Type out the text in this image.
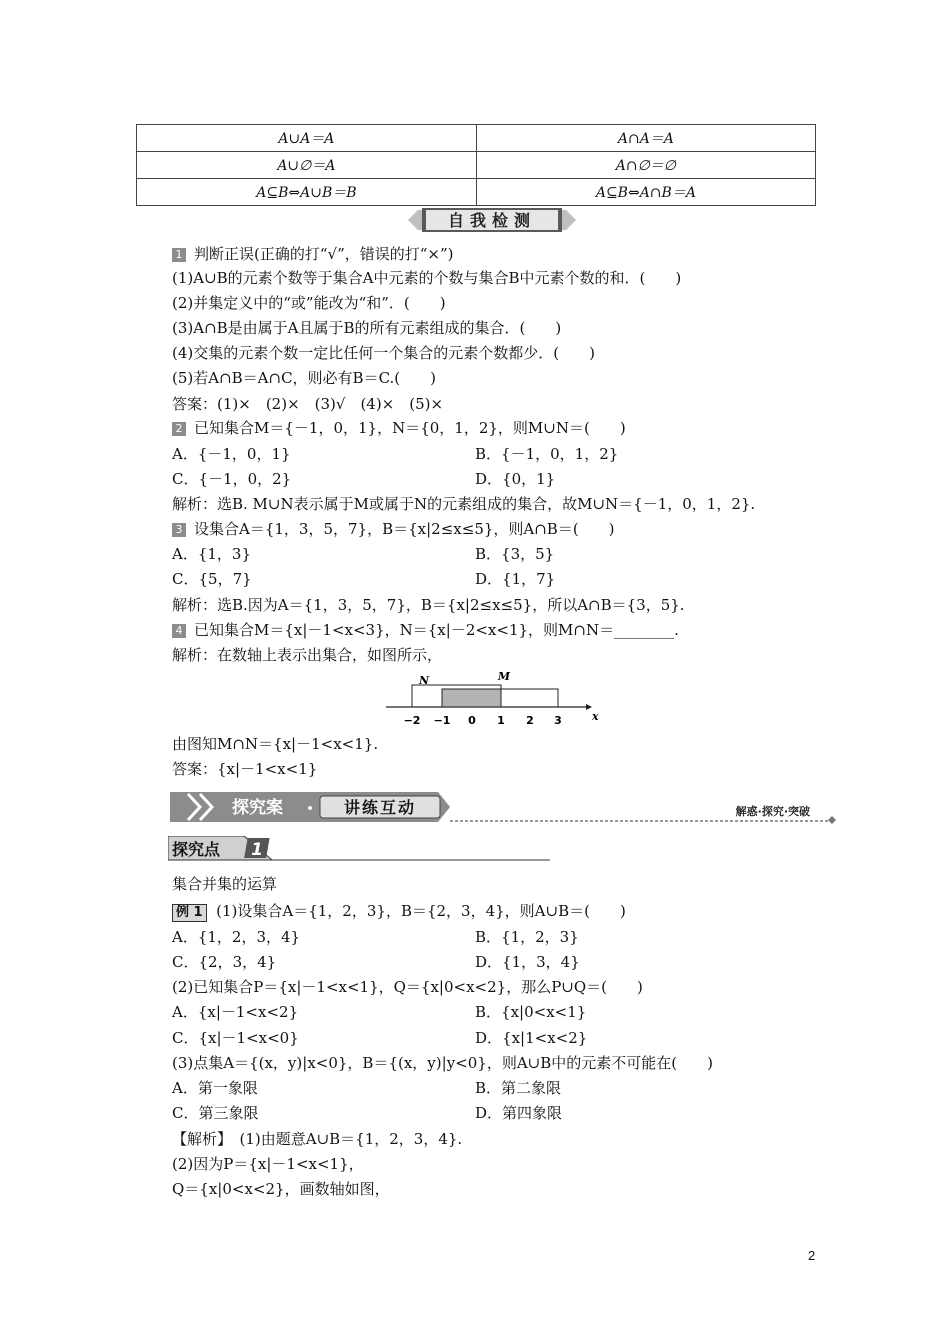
A∪A＝A	A∩A＝A
A∪∅＝A	A∩∅＝∅
A⊆B⇔A∪B＝B	A⊆B⇔A∩B＝A
自我检测
1 判断正误(正确的打“√”，错误的打“×”)
(1)A∪B的元素个数等于集合A中元素的个数与集合B中元素个数的和．(　　)
(2)并集定义中的“或”能改为“和”．(　　)
(3)A∩B是由属于A且属于B的所有元素组成的集合．(　　)
(4)交集的元素个数一定比任何一个集合的元素个数都少．(　　)
(5)若A∩B＝A∩C，则必有B＝C.(　　)
答案：(1)×　(2)×　(3)√　(4)×　(5)×
2 已知集合M＝{－1，0，1}，N＝{0，1，2}，则M∪N＝(　　)
A．{－1，0，1}	B．{－1，0，1，2}
C．{－1，0，2}	D．{0，1}
解析：选B. M∪N表示属于M或属于N的元素组成的集合，故M∪N＝{－1，0，1，2}.
3 设集合A＝{1，3，5，7}，B＝{x|2≤x≤5}，则A∩B＝(　　)
A．{1，3}	B．{3，5}
C．{5，7}	D．{1，7}
解析：选B.因为A＝{1，3，5，7}，B＝{x|2≤x≤5}，所以A∩B＝{3，5}.
4 已知集合M＝{x|－1<x<3}，N＝{x|－2<x<1}，则M∩N＝________.
解析：在数轴上表示出集合，如图所示，
N	M
−2 −1 0 1 2 3	x
由图知M∩N＝{x|－1<x<1}.
答案：{x|－1<x<1}
探究案	讲练互动	解惑·探究·突破
探究点 1
集合并集的运算
例 1 (1)设集合A＝{1，2，3}，B＝{2，3，4}，则A∪B＝(　　)
A．{1，2，3，4}	B．{1，2，3}
C．{2，3，4}	D．{1，3，4}
(2)已知集合P＝{x|－1<x<1}，Q＝{x|0<x<2}，那么P∪Q＝(　　)
A．{x|－1<x<2}	B．{x|0<x<1}
C．{x|－1<x<0}	D．{x|1<x<2}
(3)点集A＝{(x，y)|x<0}，B＝{(x，y)|y<0}，则A∪B中的元素不可能在(　　)
A．第一象限	B．第二象限
C．第三象限	D．第四象限
【解析】　(1)由题意A∪B＝{1，2，3，4}.
(2)因为P＝{x|－1<x<1}，
Q＝{x|0<x<2}，画数轴如图，
2
